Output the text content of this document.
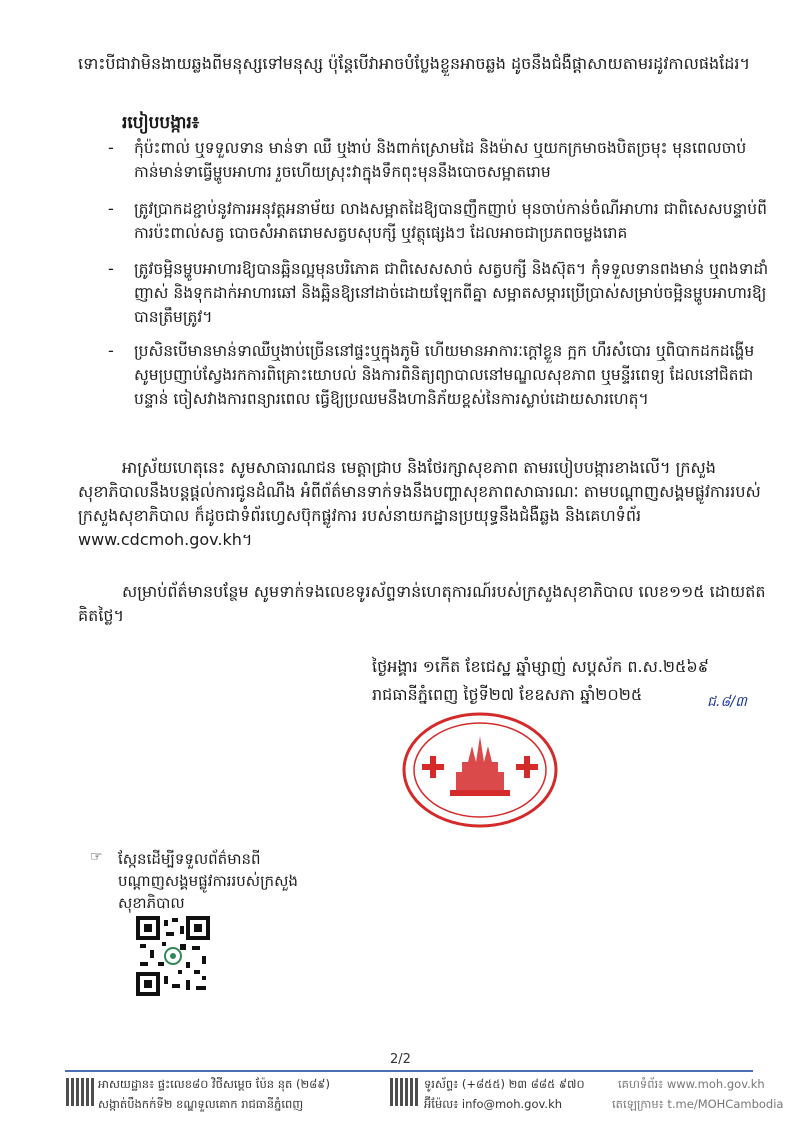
ទោះបីជាវាមិនងាយឆ្លងពីមនុស្សទៅមនុស្ស ប៉ុន្តែបើវាអាចបំប្លែងខ្លួនអាចឆ្លង ដូចនឹងជំងឺផ្តាសាយតាមរដូវកាលផងដែរ។

របៀបបង្ការ៖
- កុំប៉ះពាល់ ឬទទួលទាន មាន់ទា ឈឺ ឬងាប់ និងពាក់ស្រោមដៃ និងម៉ាស ឬយកក្រមាចងបិតច្រមុះ មុនពេលចាប់កាន់មាន់ទាធ្វើម្ហូបអាហារ រួចហើយស្រុះវាក្នុងទឹកពុះមុននឹងបោចសម្អាតរោម

- ត្រូវប្រាកដខ្ជាប់នូវការអនុវត្តអនាម័យ លាងសម្អាតដៃឱ្យបានញឹកញាប់ មុនចាប់កាន់ចំណីអាហារ ជាពិសេសបន្ទាប់ពីការប៉ះពាល់សត្វ បោចសំអាតរោមសត្វបសុបក្សី ឬវត្ថុផ្សេងៗ ដែលអាចជាប្រភពចម្លងរោគ

- ត្រូវចម្អិនម្ហូបអាហារឱ្យបានឆ្អិនល្អមុនបរិភោគ ជាពិសេសសាច់ សត្វបក្សី និងស៊ុត។ កុំទទួលទានពងមាន់ ឬពងទាដាំញាស់ និងទុកដាក់អាហារឆៅ និងឆ្អិនឱ្យនៅដាច់ដោយឡែកពីគ្នា សម្អាតសម្ភារប្រើប្រាស់សម្រាប់ចម្អិនម្ហូបអាហារឱ្យបានត្រឹមត្រូវ។

- ប្រសិនបើមានមាន់ទាឈឺឬងាប់ច្រើននៅផ្ទះឬក្នុងភូមិ ហើយមានអាការៈក្តៅខ្លួន ក្អក ហឹរសំបោរ ឬពិបាកដកដង្ហើម សូមប្រញាប់ស្វែងរកការពិគ្រោះយោបល់ និងការពិនិត្យព្យាបាលនៅមណ្ឌលសុខភាព ឬមន្ទីរពេទ្យ ដែលនៅជិតជាបន្ទាន់ ចៀសវាងការពន្យារពេល ធ្វើឱ្យប្រឈមនឹងហានិភ័យខ្ពស់នៃការស្លាប់ដោយសារហេតុ។

អាស្រ័យហេតុនេះ សូមសាធារណជន មេត្តាជ្រាប និងថែរក្សាសុខភាព តាមរបៀបបង្ការខាងលើ។ ក្រសួងសុខាភិបាលនឹងបន្តផ្តល់ការជូនដំណឹង អំពីព័ត៌មានទាក់ទងនឹងបញ្ហាសុខភាពសាធារណៈ តាមបណ្តាញសង្គមផ្លូវការរបស់ក្រសួងសុខាភិបាល ក៏ដូចជាទំព័រហ្វេសប៊ុកផ្លូវការ របស់នាយកដ្ឋានប្រយុទ្ធនឹងជំងឺឆ្លង និងគេហទំព័រ www.cdcmoh.gov.kh។

សម្រាប់ព័ត៌មានបន្ថែម សូមទាក់ទងលេខទូរស័ព្ទទាន់ហេតុការណ៍របស់ក្រសួងសុខាភិបាល លេខ១១៥ ដោយឥតគិតថ្លៃ។

ថ្ងៃអង្គារ ១កើត ខែជេស្ឋ ឆ្នាំម្សាញ់ សប្តស័ក ព.ស.២៥៦៩
រាជធានីភ្នំពេញ ថ្ងៃទី២៧ ខែឧសភា ឆ្នាំ២០២៥	ជ.៨/៣
☞ ស្កែនដើម្បីទទួលព័ត៌មានពីបណ្តាញសង្គមផ្លូវការរបស់ក្រសួងសុខាភិបាល
2/2
អាសយដ្ឋាន៖ ផ្ទះលេខ៨០ វិថីសម្តេច ប៉ែន នុត (២៨៩)
សង្កាត់បឹងកក់ទី២ ខណ្ឌទួលគោក រាជធានីភ្នំពេញ
ទូរស័ព្ទ៖ (+៨៥៥) ២៣ ៨៨៥ ៩៧០
អ៊ីម៉ែល៖ info@moh.gov.kh
គេហទំព័រ៖ www.moh.gov.kh
តេឡេក្រាម៖ t.me/MOHCambodia
